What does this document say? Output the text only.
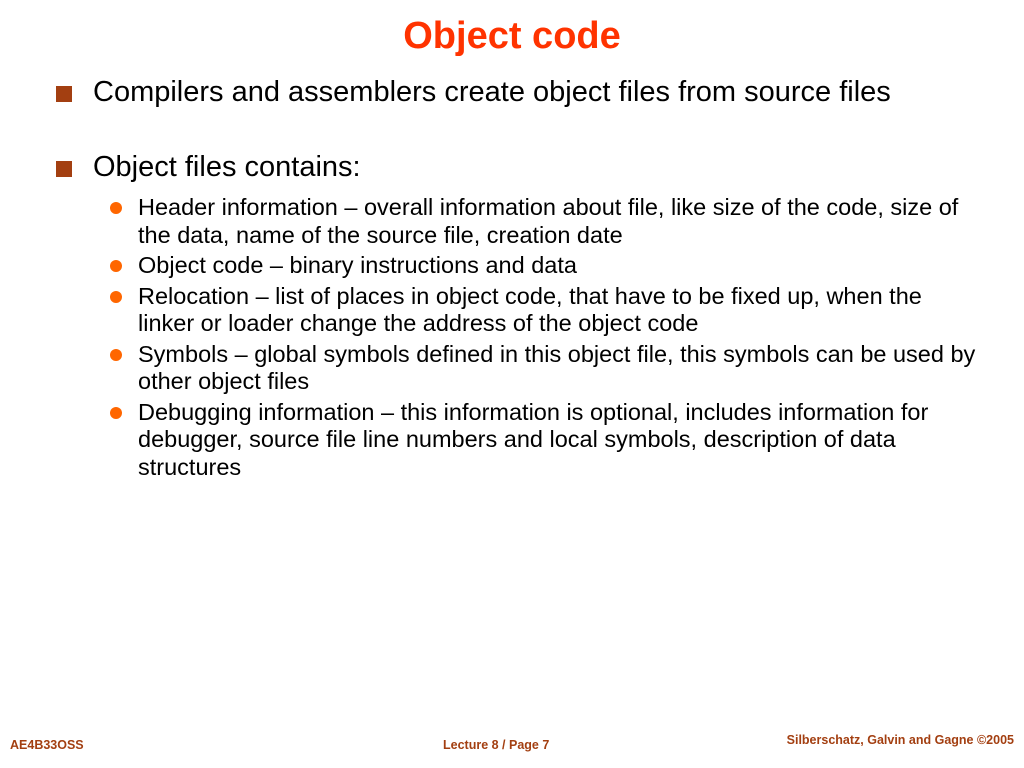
Object code
Compilers and assemblers create object files from source files
Object files contains:
Header information – overall information about file, like size of the code, size of the data, name of the source file, creation date
Object code – binary instructions and data
Relocation – list of places in object code, that have to be fixed up, when the linker or loader change the address of the object code
Symbols – global symbols defined in this object file, this symbols can be used by other object files
Debugging information – this information is optional, includes information for debugger, source file line numbers and local symbols, description of data structures
AE4B33OSS	Lecture 8 / Page 7	Silberschatz, Galvin and Gagne ©2005
